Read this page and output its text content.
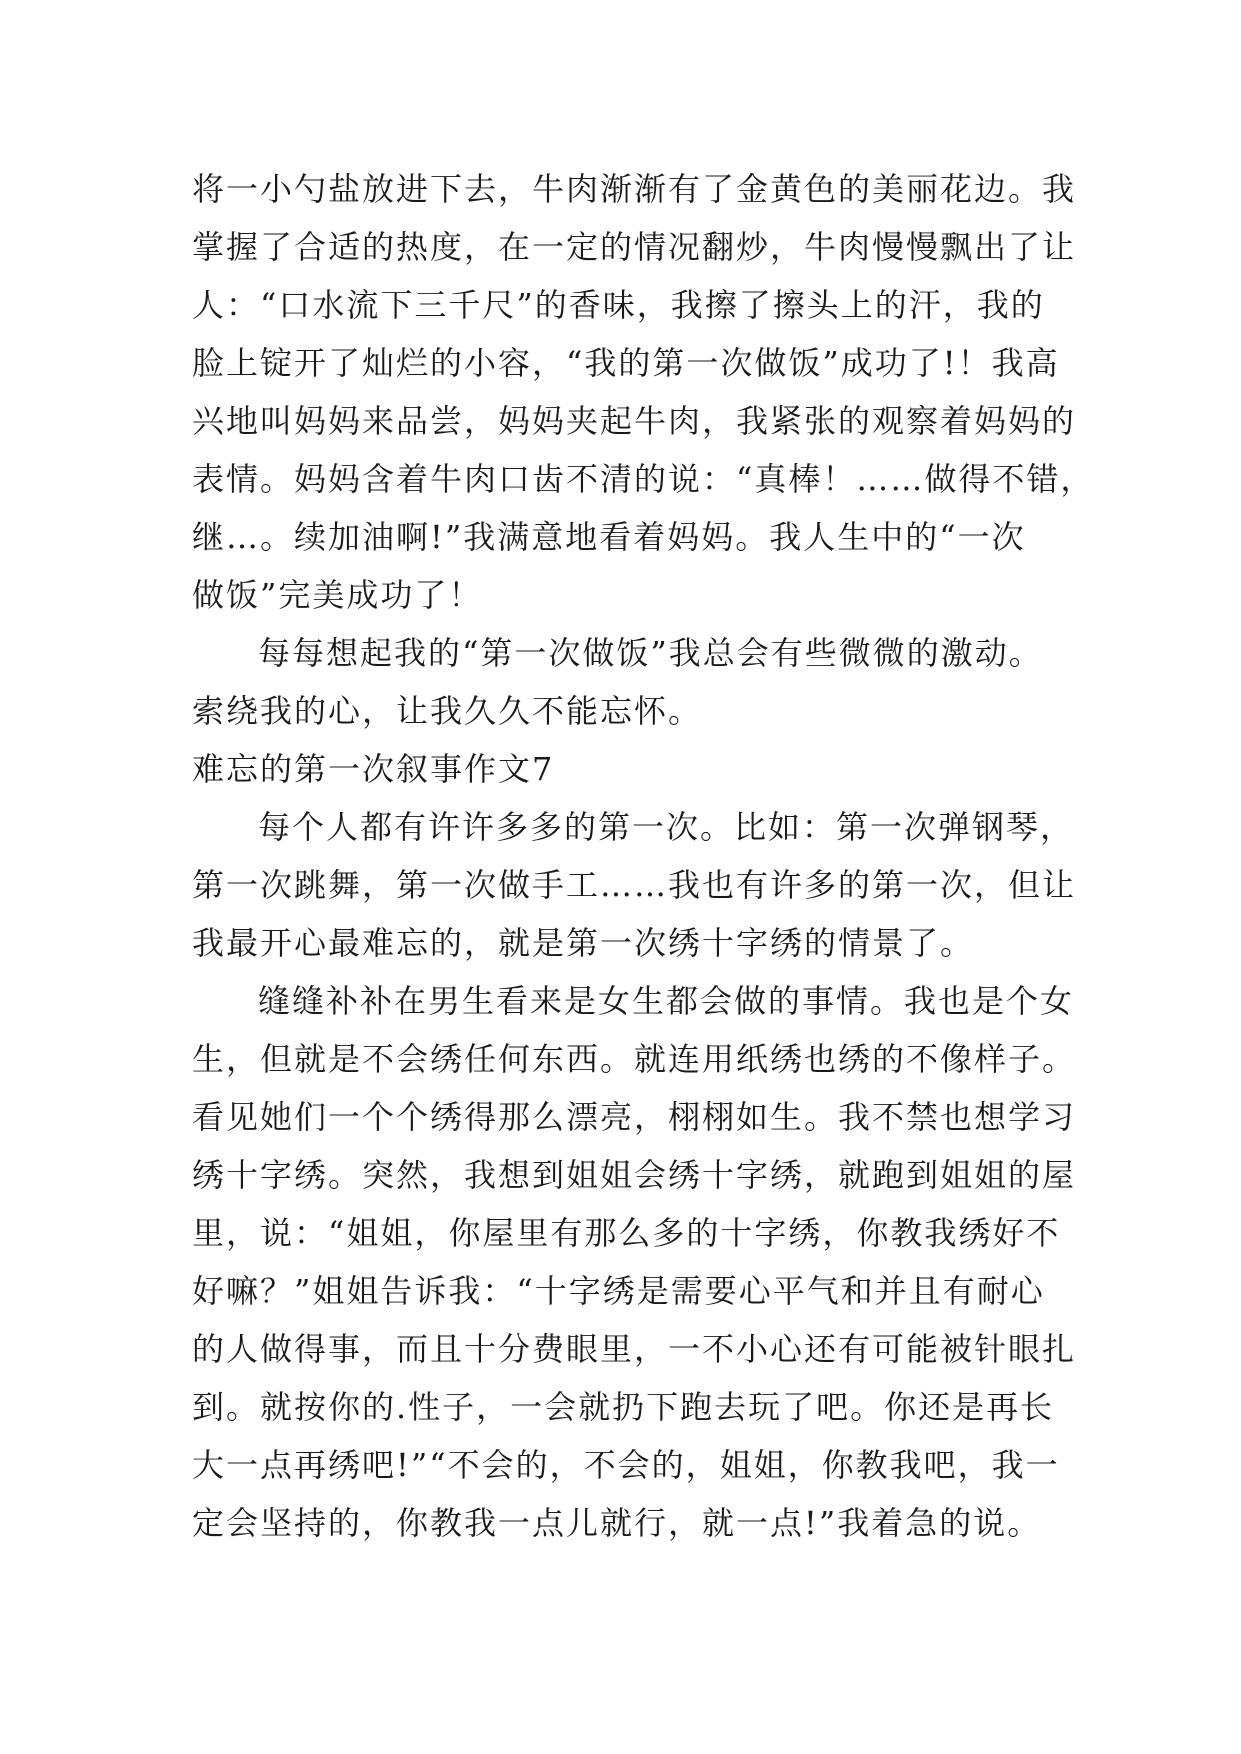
将一小勺盐放进下去，牛肉渐渐有了金黄色的美丽花边。我
掌握了合适的热度，在一定的情况翻炒，牛肉慢慢飘出了让
人：“口水流下三千尺”的香味，我擦了擦头上的汗，我的
脸上锭开了灿烂的小容，“我的第一次做饭”成功了!！我高
兴地叫妈妈来品尝，妈妈夹起牛肉，我紧张的观察着妈妈的
表情。妈妈含着牛肉口齿不清的说：“真棒！……做得不错，
继…。续加油啊!”我满意地看着妈妈。我人生中的“一次
做饭”完美成功了！
每每想起我的“第一次做饭”我总会有些微微的激动。
索绕我的心，让我久久不能忘怀。
难忘的第一次叙事作文7
每个人都有许许多多的第一次。比如：第一次弹钢琴，
第一次跳舞，第一次做手工……我也有许多的第一次，但让
我最开心最难忘的，就是第一次绣十字绣的情景了。
缝缝补补在男生看来是女生都会做的事情。我也是个女
生，但就是不会绣任何东西。就连用纸绣也绣的不像样子。
看见她们一个个绣得那么漂亮，栩栩如生。我不禁也想学习
绣十字绣。突然，我想到姐姐会绣十字绣，就跑到姐姐的屋
里，说：“姐姐，你屋里有那么多的十字绣，你教我绣好不
好嘛？”姐姐告诉我：“十字绣是需要心平气和并且有耐心
的人做得事，而且十分费眼里，一不小心还有可能被针眼扎
到。就按你的.性子，一会就扔下跑去玩了吧。你还是再长
大一点再绣吧!”“不会的，不会的，姐姐，你教我吧，我一
定会坚持的，你教我一点儿就行，就一点!”我着急的说。
